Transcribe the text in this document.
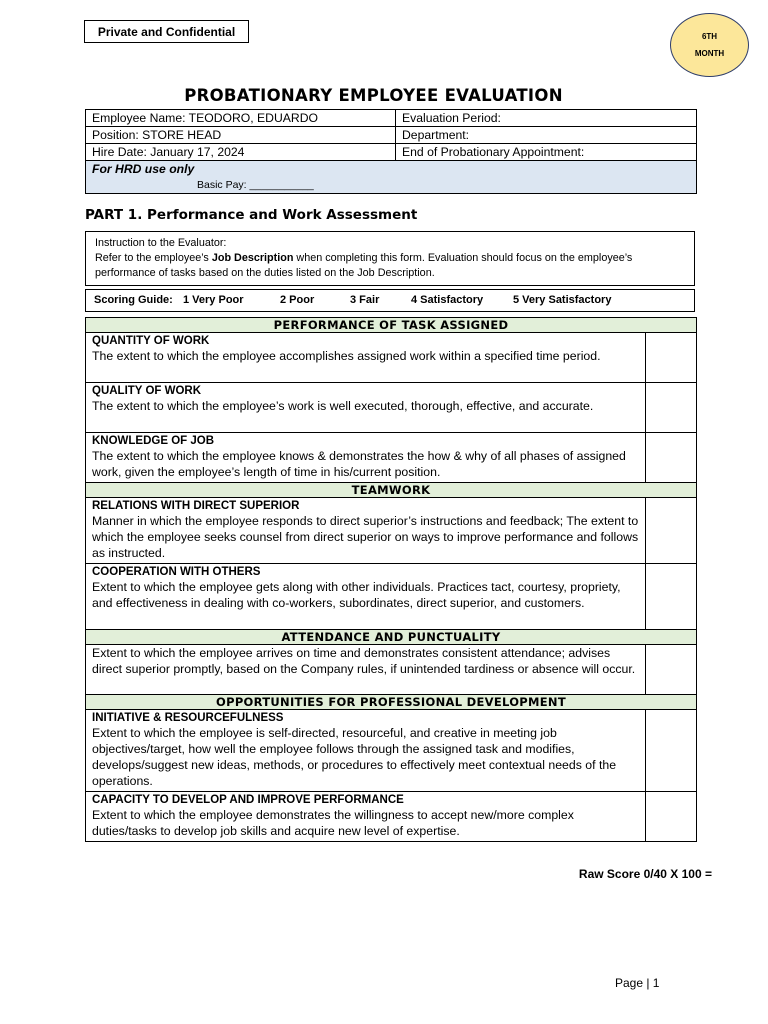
Private and Confidential	6TH
MONTH
PROBATIONARY EMPLOYEE EVALUATION
Employee Name: TEODORO, EDUARDO	Evaluation Period:
Position: STORE HEAD	Department:
Hire Date: January 17, 2024	End of Probationary Appointment:

For HRD use only
Basic Pay: ___________	
PART 1. Performance and Work Assessment
Instruction to the Evaluator:
Refer to the employee’s Job Description when completing this form. Evaluation should focus on the employee’s performance of tasks based on the duties listed on the Job Description.
Scoring Guide: 1 Very Poor	2 Poor	3 Fair	4 Satisfactory	5 Very Satisfactory
PERFORMANCE OF TASK ASSIGNED	

QUANTITY OF WORK
The extent to which the employee accomplishes assigned work within a specified time period.	

QUALITY OF WORK
The extent to which the employee’s work is well executed, thorough, effective, and accurate.	

KNOWLEDGE OF JOB
The extent to which the employee knows & demonstrates the how & why of all phases of assigned work, given the employee’s length of time in his/current position.	

TEAMWORK	

RELATIONS WITH DIRECT SUPERIOR
Manner in which the employee responds to direct superior’s instructions and feedback; The extent to which the employee seeks counsel from direct superior on ways to improve performance and follows as instructed.	

COOPERATION WITH OTHERS
Extent to which the employee gets along with other individuals. Practices tact, courtesy, propriety, and effectiveness in dealing with co-workers, subordinates, direct superior, and customers.	

ATTENDANCE AND PUNCTUALITY	

Extent to which the employee arrives on time and demonstrates consistent attendance; advises direct superior promptly, based on the Company rules, if unintended tardiness or absence will occur.	

OPPORTUNITIES FOR PROFESSIONAL DEVELOPMENT	

INITIATIVE & RESOURCEFULNESS
Extent to which the employee is self-directed, resourceful, and creative in meeting job objectives/target, how well the employee follows through the assigned task and modifies, develops/suggest new ideas, methods, or procedures to effectively meet contextual needs of the operations.	

CAPACITY TO DEVELOP AND IMPROVE PERFORMANCE
Extent to which the employee demonstrates the willingness to accept new/more complex duties/tasks to develop job skills and acquire new level of expertise.	

Raw Score 0/40 X 100 =
Page | 1
